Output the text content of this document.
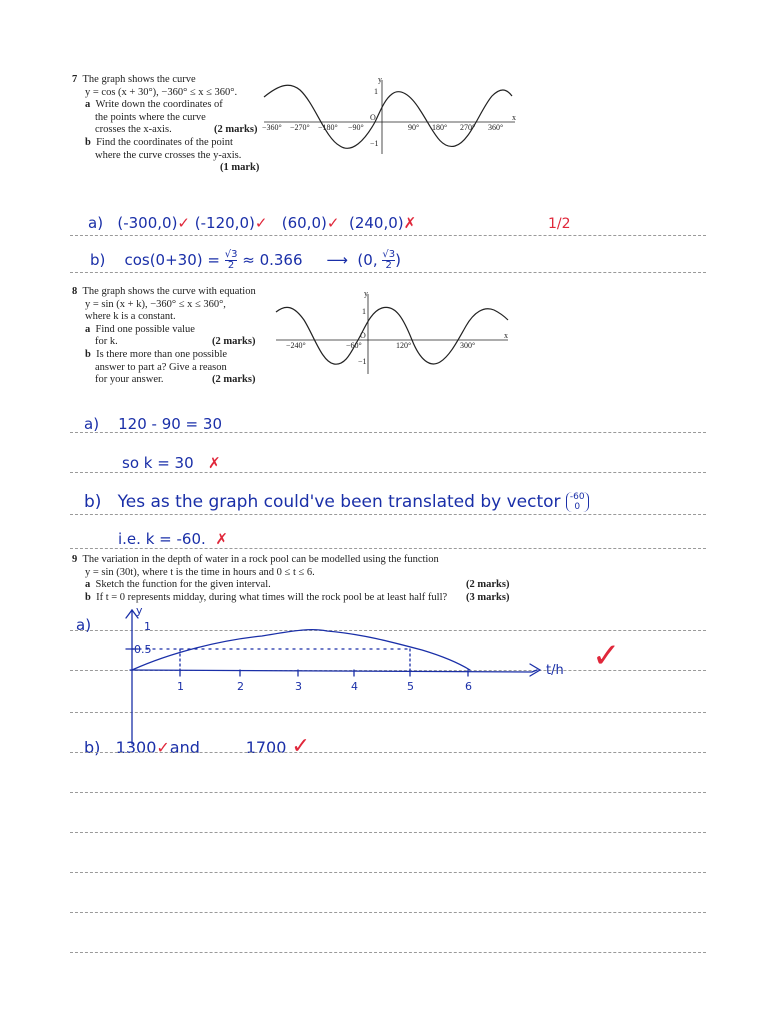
7 The graph shows the curve
y = cos (x + 30°), −360° ≤ x ≤ 360°.
a Write down the coordinates of
the points where the curve
crosses the x-axis.	(2 marks)
b Find the coordinates of the point
where the curve crosses the y-axis.
(1 mark)

y
x
O
1
−1
−360° −270° −180° −90°	90° 180° 270° 360°
a) (-300,0)✓ (-120,0)✓ (60,0)✓ (240,0)✗	1/2
b) $\cos(0+30) = \frac{√3}{2} \approx 0.366$ ⟶ (0, $\frac{√3}{2}$ )
8 The graph shows the curve with equation
y = sin (x + k), −360° ≤ x ≤ 360°,
where k is a constant.
a Find one possible value
for k.	(2 marks)
b Is there more than one possible
answer to part a? Give a reason
for your answer.	(2 marks)
y
x
O
1
−1
−240°	−60°	120°	300°
a) 120 - 90 = 30
so k = 30 ✗
b) Yes as the graph could've been translated by vector -60
0
i.e. k = -60. ✗
9 The variation in the depth of water in a rock pool can be modelled using the function
y = sin (30t), where t is the time in hours and 0 ≤ t ≤ 6.
a Sketch the function for the given interval.	(2 marks)
b If t = 0 represents midday, during what times will the rock pool be at least half full? (3 marks)
a)
y
1
0.5
t/h
1	2	3	4	5	6
✓
b) 1300✓and	1700 ✓
